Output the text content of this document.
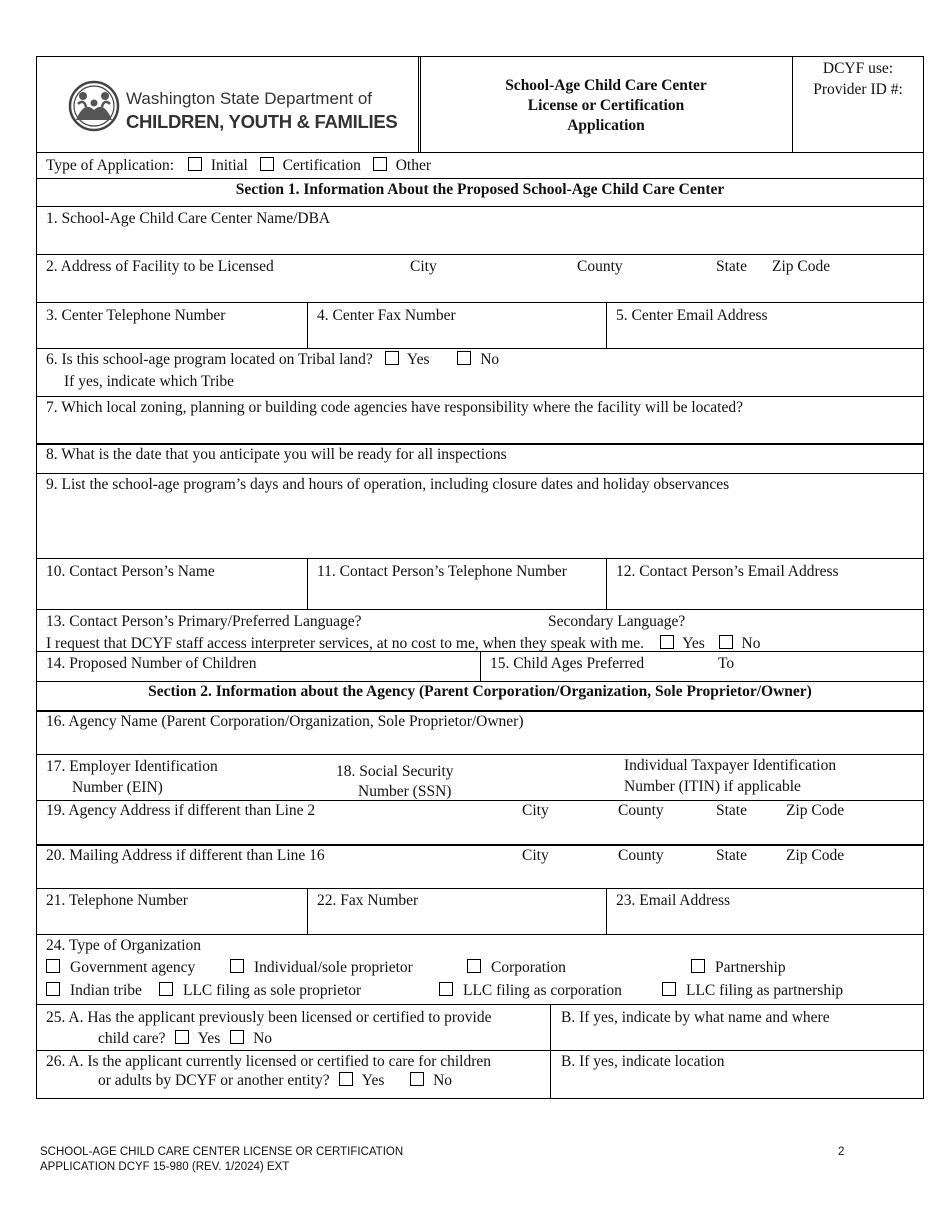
Washington State Department of
CHILDREN, YOUTH & FAMILIES
School-Age Child Care Center
License or Certification
Application
DCYF use:
Provider ID #:
Type of Application: Initial Certification Other
Section 1. Information About the Proposed School-Age Child Care Center
1. School-Age Child Care Center Name/DBA
2. Address of Facility to be Licensed	City	County	State Zip Code
3. Center Telephone Number	4. Center Fax Number	5. Center Email Address
6. Is this school-age program located on Tribal land? Yes	No
If yes, indicate which Tribe
7. Which local zoning, planning or building code agencies have responsibility where the facility will be located?
8. What is the date that you anticipate you will be ready for all inspections
9. List the school-age program’s days and hours of operation, including closure dates and holiday observances
10. Contact Person’s Name	11. Contact Person’s Telephone Number	12. Contact Person’s Email Address
13. Contact Person’s Primary/Preferred Language?	Secondary Language?
I request that DCYF staff access interpreter services, at no cost to me, when they speak with me. Yes No
14. Proposed Number of Children	15. Child Ages Preferred	To
Section 2. Information about the Agency (Parent Corporation/Organization, Sole Proprietor/Owner)
16. Agency Name (Parent Corporation/Organization, Sole Proprietor/Owner)
17. Employer Identification
Number (EIN)
18. Social Security
Number (SSN)
Individual Taxpayer Identification
Number (ITIN) if applicable
19. Agency Address if different than Line 2	City	County	State	Zip Code
20. Mailing Address if different than Line 16	City	County	State	Zip Code
21. Telephone Number	22. Fax Number	23. Email Address
24. Type of Organization
Government agency	Individual/sole proprietor	Corporation	Partnership
Indian tribe	LLC filing as sole proprietor	LLC filing as corporation	LLC filing as partnership
25. A. Has the applicant previously been licensed or certified to provide
child care? Yes No
B. If yes, indicate by what name and where
26. A. Is the applicant currently licensed or certified to care for children
or adults by DCYF or another entity? Yes	No
B. If yes, indicate location
SCHOOL-AGE CHILD CARE CENTER LICENSE OR CERTIFICATION
APPLICATION DCYF 15-980 (REV. 1/2024) EXT
2
